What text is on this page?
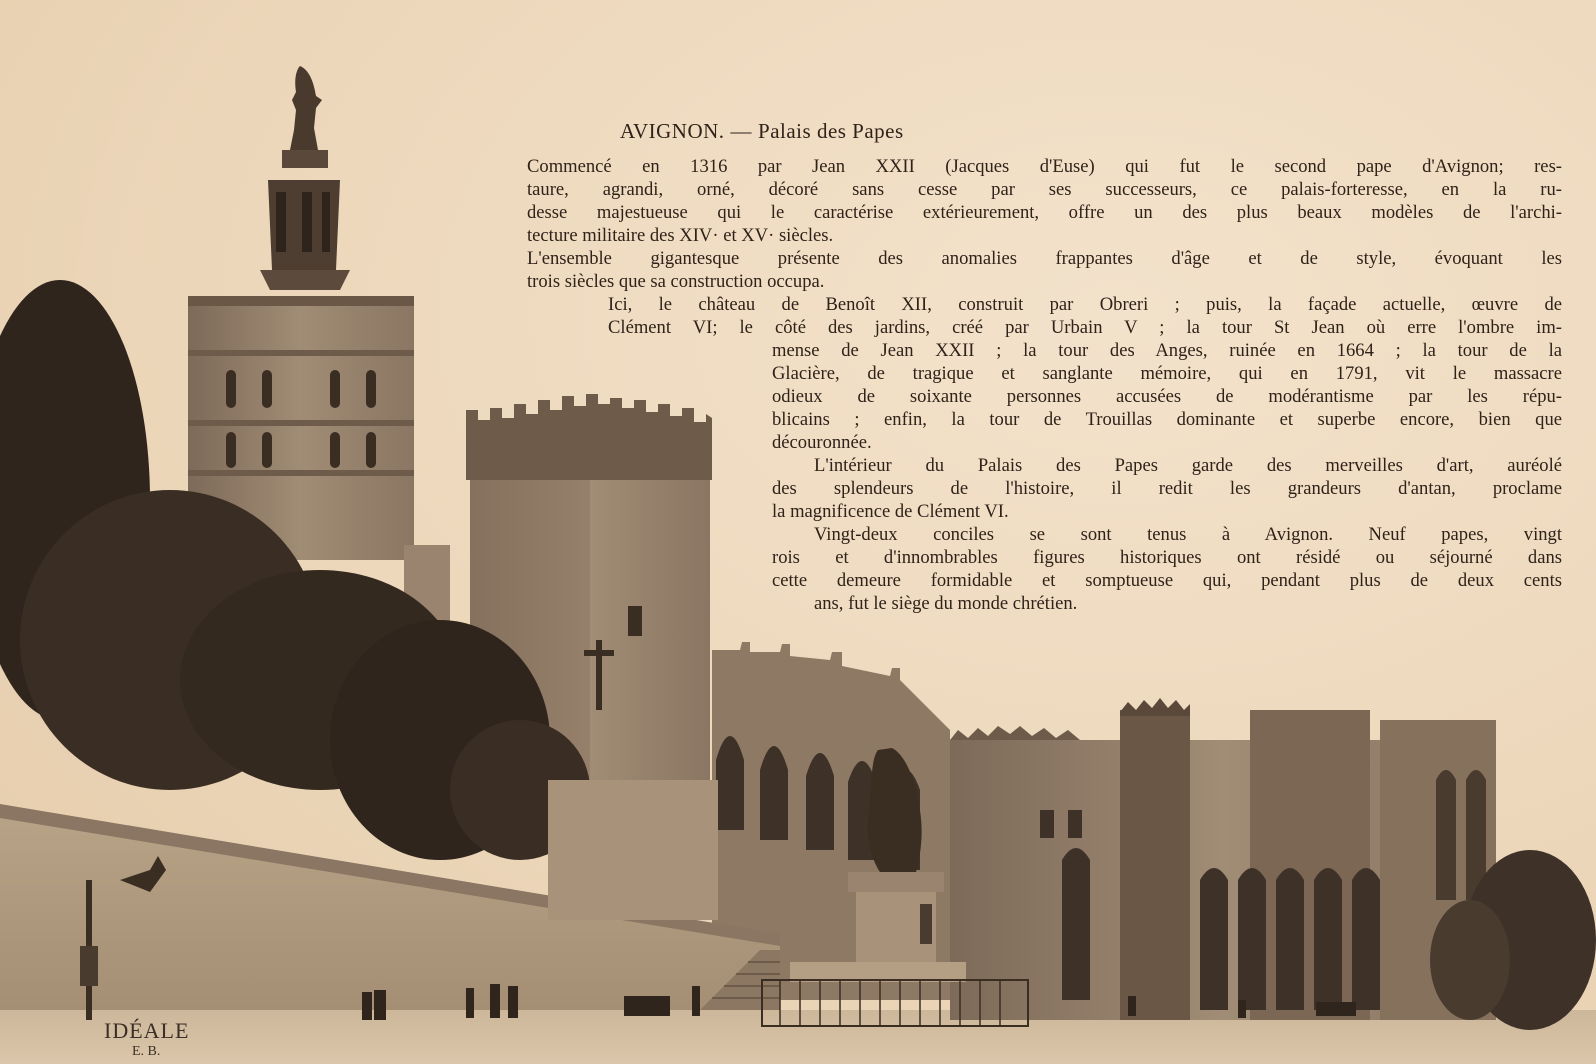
AVIGNON. — Palais des Papes
Commencé en 1316 par Jean XXII (Jacques d'Euse) qui fut le second pape d'Avignon; res-
taure, agrandi, orné, décoré sans cesse par ses successeurs, ce palais-forteresse, en la ru-
desse majestueuse qui le caractérise extérieurement, offre un des plus beaux modèles de l'archi-
tecture militaire des XIV· et XV· siècles.
L'ensemble gigantesque présente des anomalies frappantes d'âge et de style, évoquant les
trois siècles que sa construction occupa.
Ici, le château de Benoît XII, construit par Obreri ; puis, la façade actuelle, œuvre de
Clément VI; le côté des jardins, créé par Urbain V ; la tour St Jean où erre l'ombre im-
mense de Jean XXII ; la tour des Anges, ruinée en 1664 ; la tour de la
Glacière, de tragique et sanglante mémoire, qui en 1791, vit le massacre
odieux de soixante personnes accusées de modérantisme par les répu-
blicains ; enfin, la tour de Trouillas dominante et superbe encore, bien que
découronnée.
L'intérieur du Palais des Papes garde des merveilles d'art, auréolé
des splendeurs de l'histoire, il redit les grandeurs d'antan, proclame
la magnificence de Clément VI.
Vingt-deux conciles se sont tenus à Avignon. Neuf papes, vingt
rois et d'innombrables figures historiques ont résidé ou séjourné dans
cette demeure formidable et somptueuse qui, pendant plus de deux cents
ans, fut le siège du monde chrétien.
IDÉALE
E. B.
